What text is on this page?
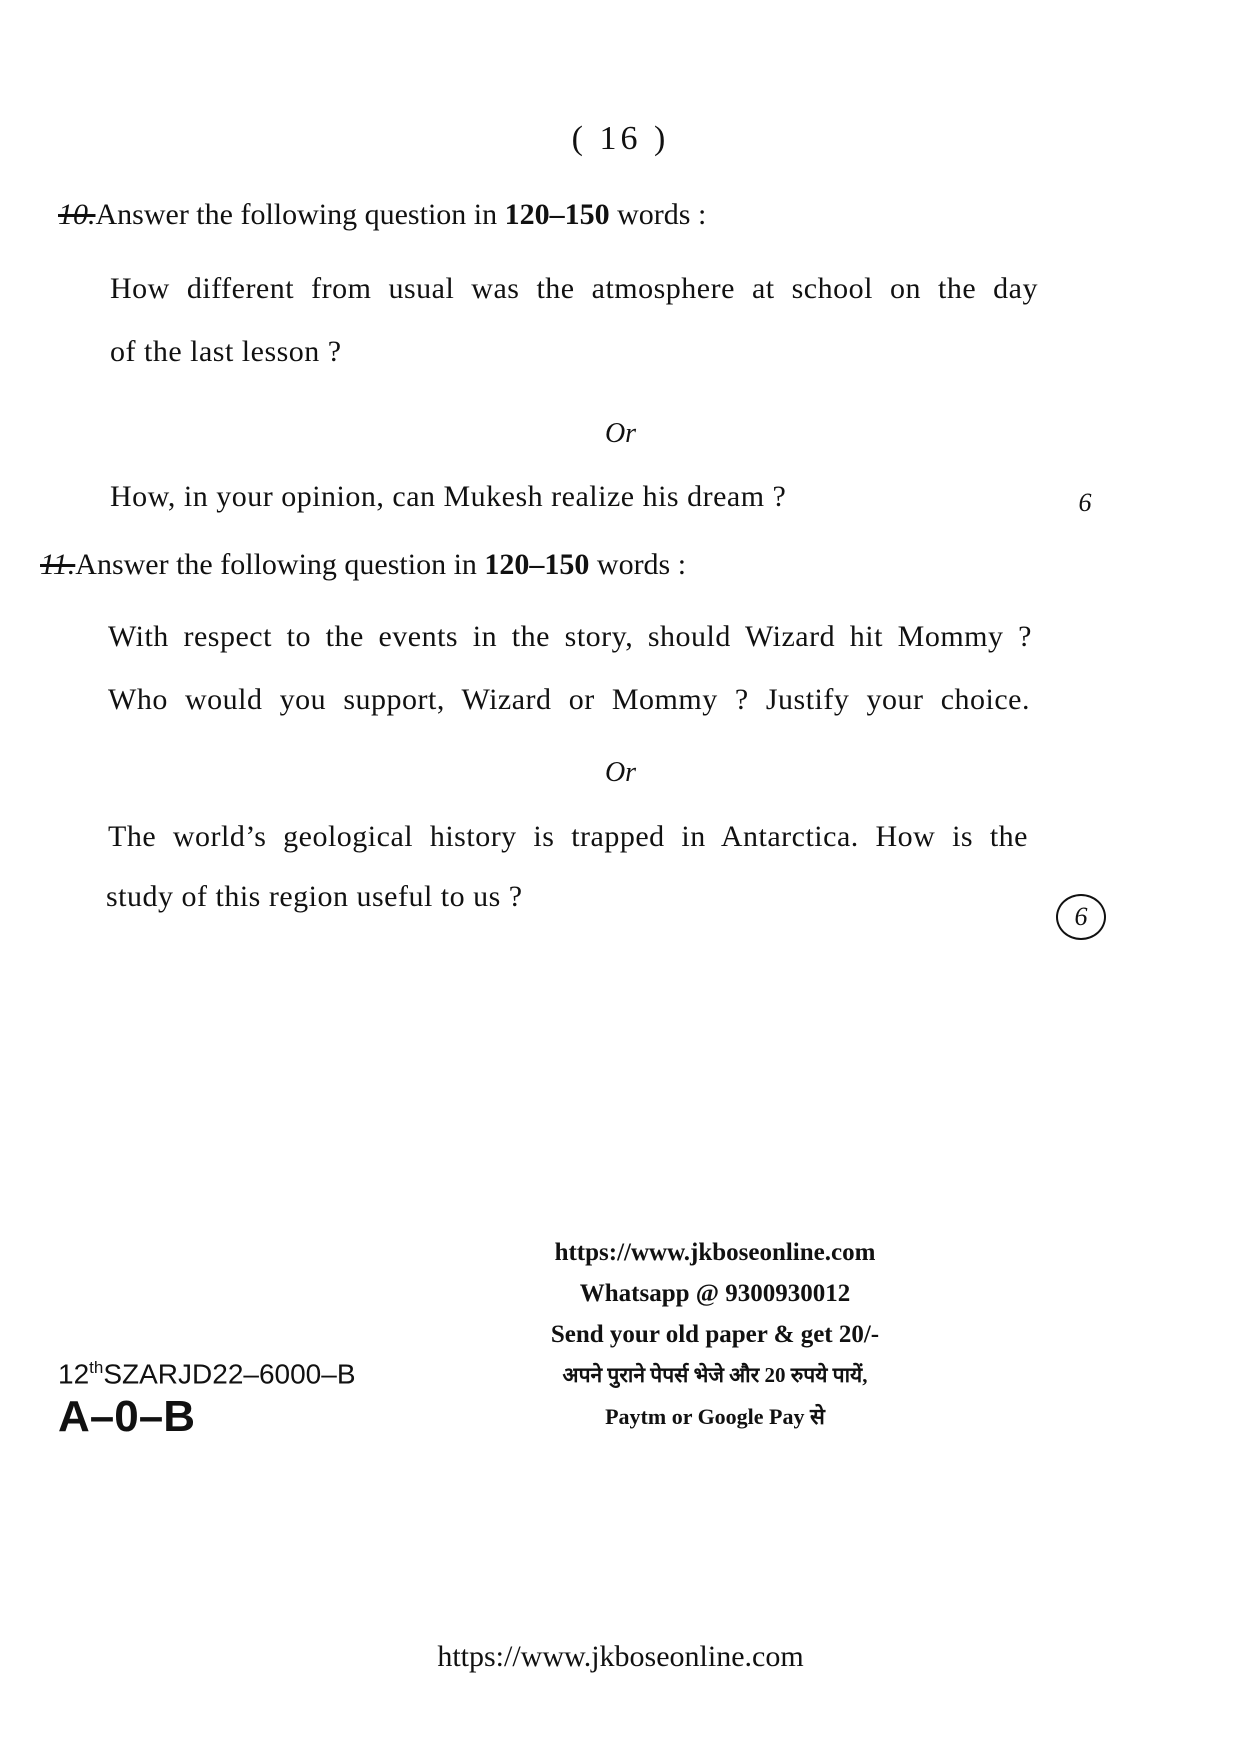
( 16 )
10.Answer the following question in 120–150 words :
How different from usual was the atmosphere at school on the day
of the last lesson ?
Or
How, in your opinion, can Mukesh realize his dream ?	6
11.Answer the following question in 120–150 words :
With respect to the events in the story, should Wizard hit Mommy ?
Who would you support, Wizard or Mommy ? Justify your choice.
Or
The world’s geological history is trapped in Antarctica. How is the
study of this region useful to us ?
6
https://www.jkboseonline.com
Whatsapp @ 9300930012
Send your old paper & get 20/-
अपने पुराने पेपर्स भेजे और 20 रुपये पायें,
Paytm or Google Pay से
12thSZARJD22–6000–B
A–0–B
https://www.jkboseonline.com
